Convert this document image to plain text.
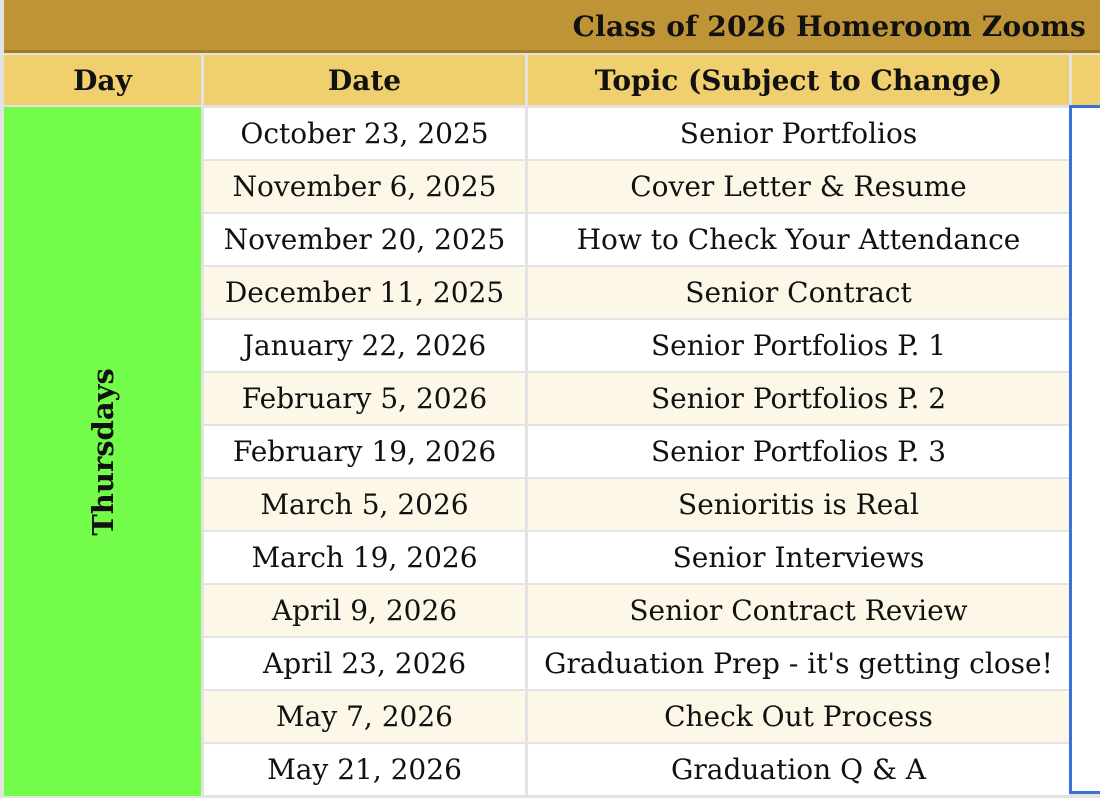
Class of 2026 Homeroom Zooms
Day	Date	Topic (Subject to Change)
Thursdays
October 23, 2025	Senior Portfolios
November 6, 2025	Cover Letter & Resume
November 20, 2025	How to Check Your Attendance
December 11, 2025	Senior Contract
January 22, 2026	Senior Portfolios P. 1
February 5, 2026	Senior Portfolios P. 2
February 19, 2026	Senior Portfolios P. 3
March 5, 2026	Senioritis is Real
March 19, 2026	Senior Interviews
April 9, 2026	Senior Contract Review
April 23, 2026	Graduation Prep - it's getting close!
May 7, 2026	Check Out Process
May 21, 2026	Graduation Q & A
